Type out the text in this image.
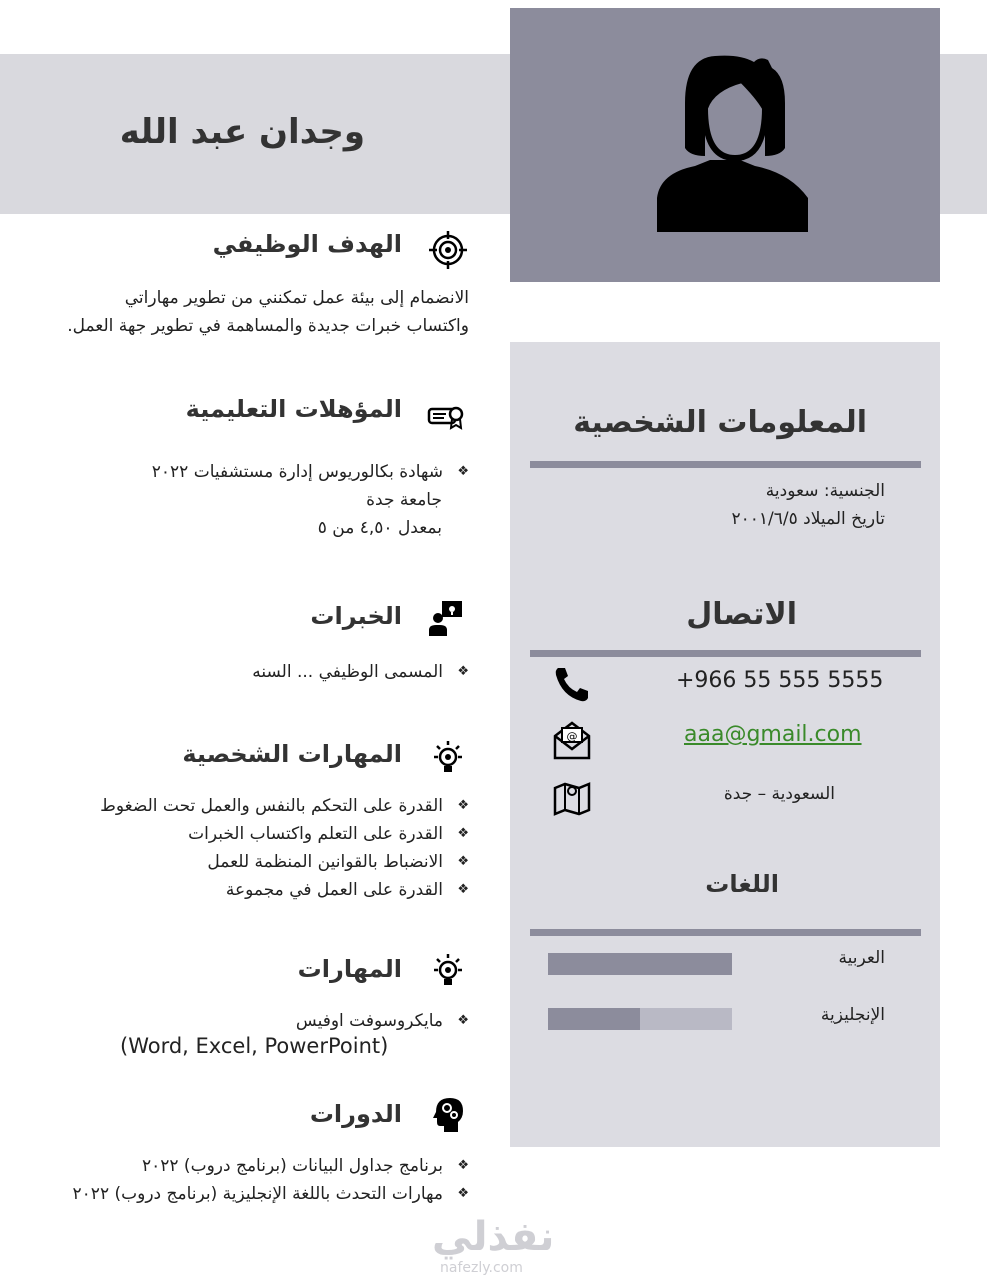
وجدان عبد الله
الهدف الوظيفي
الانضمام إلى بيئة عمل تمكنني من تطوير مهاراتي
واكتساب خبرات جديدة والمساهمة في تطوير جهة العمل.
المؤهلات التعليمية
❖ شهادة بكالوريوس إدارة مستشفيات ٢٠٢٢
جامعة جدة
بمعدل ٤,٥٠ من ٥
الخبرات
❖ المسمى الوظيفي ... السنه
المهارات الشخصية
❖ القدرة على التحكم بالنفس والعمل تحت الضغوط
❖ القدرة على التعلم واكتساب الخبرات
❖ الانضباط بالقوانين المنظمة للعمل
❖ القدرة على العمل في مجموعة
المهارات
❖ مايكروسوفت اوفيس
(Word, Excel, PowerPoint)
الدورات
❖ برنامج جداول البيانات (برنامج دروب) ٢٠٢٢
❖ مهارات التحدث باللغة الإنجليزية (برنامج دروب) ٢٠٢٢
المعلومات الشخصية
الجنسية: سعودية
تاريخ الميلاد ٢٠٠١/٦/٥
الاتصال
+966 55 555 5555
@	aaa@gmail.com
السعودية – جدة
اللغات
العربية
الإنجليزية
نفذلي
nafezly.com
